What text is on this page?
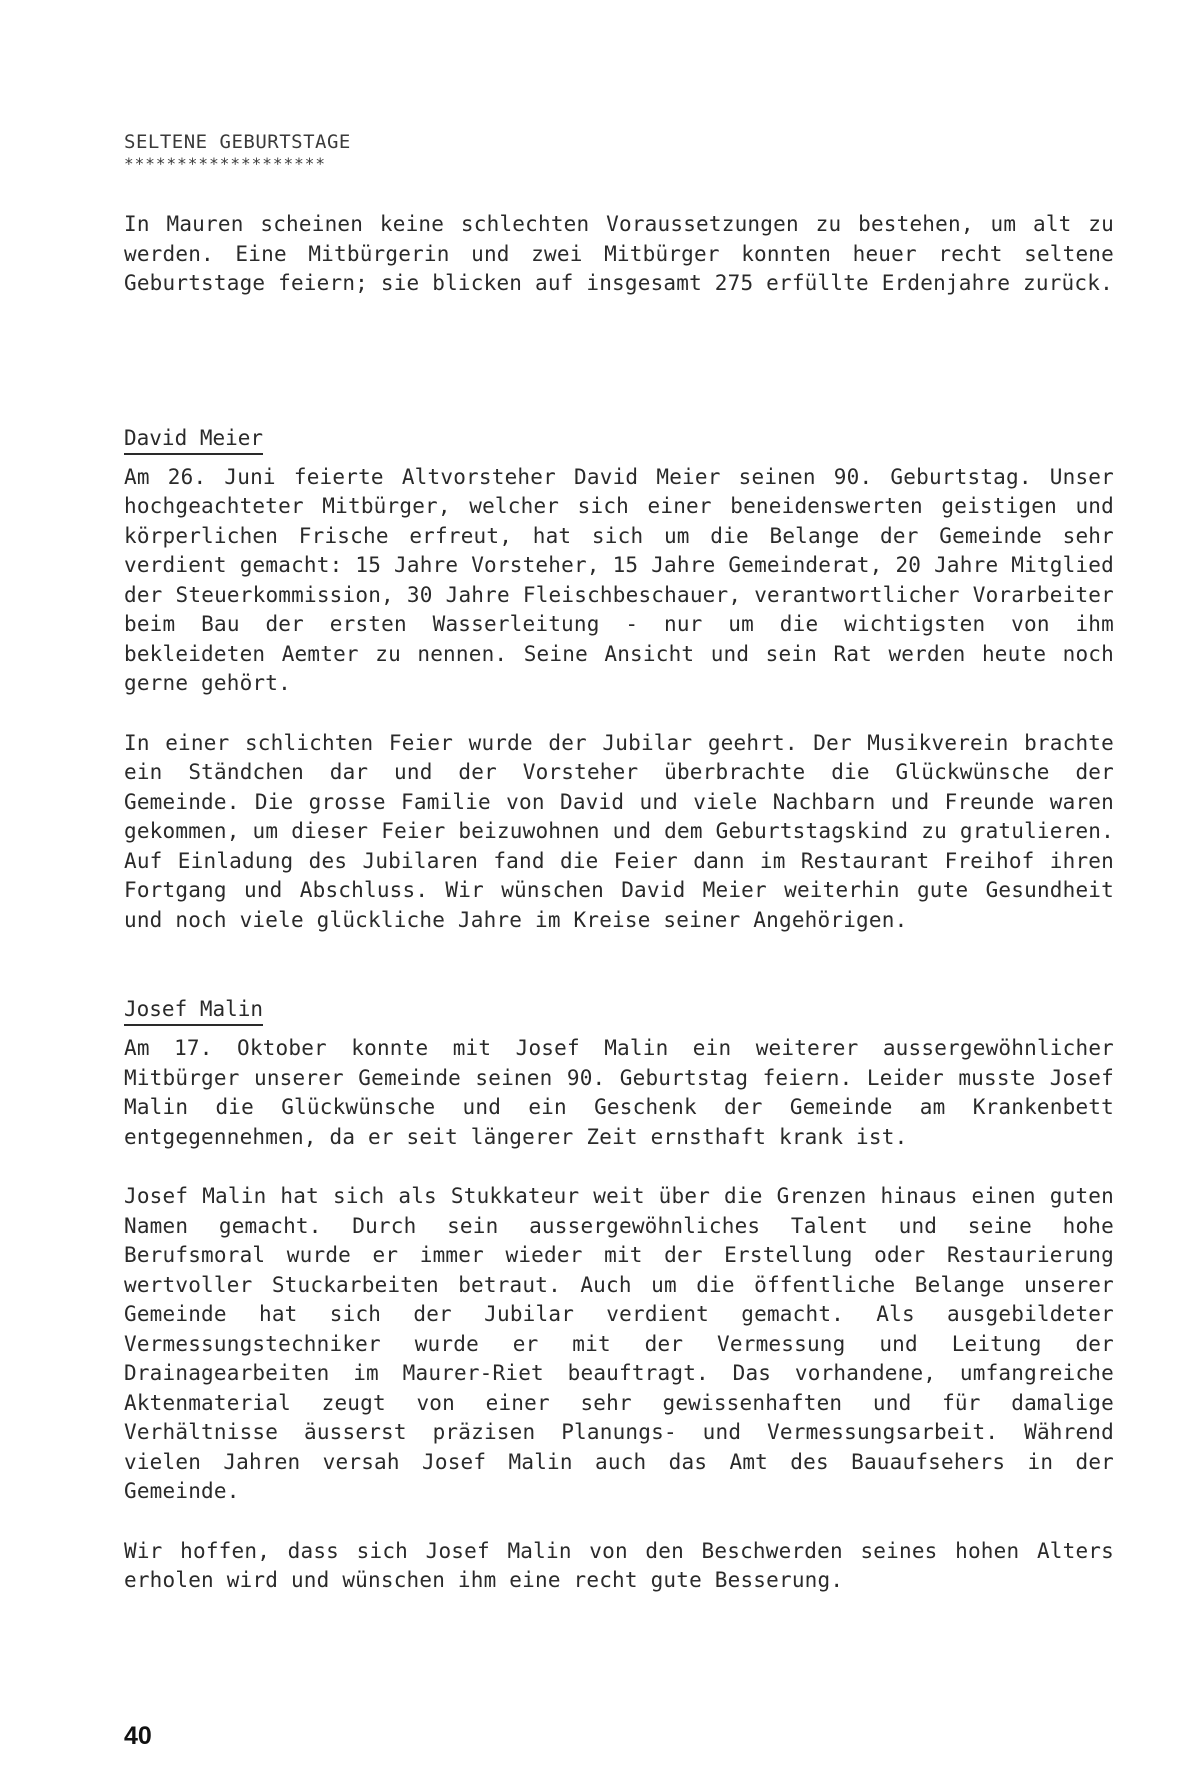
SELTENE GEBURTSTAGE
*******************

In Mauren scheinen keine schlechten Voraussetzungen zu bestehen, um alt zu werden. Eine Mitbürgerin und zwei Mitbürger konnten heuer recht seltene Geburtstage feiern; sie blicken auf insgesamt 275 erfüllte Erdenjahre zurück.

David Meier

Am 26. Juni feierte Altvorsteher David Meier seinen 90. Geburtstag. Unser hochgeachteter Mitbürger, welcher sich einer beneidenswerten geistigen und körperlichen Frische erfreut, hat sich um die Belange der Gemeinde sehr verdient gemacht: 15 Jahre Vorsteher, 15 Jahre Gemeinderat, 20 Jahre Mitglied der Steuerkommission, 30 Jahre Fleischbeschauer, verantwortlicher Vorarbeiter beim Bau der ersten Wasserleitung - nur um die wichtigsten von ihm bekleideten Aemter zu nennen. Seine Ansicht und sein Rat werden heute noch gerne gehört.

In einer schlichten Feier wurde der Jubilar geehrt. Der Musikverein brachte ein Ständchen dar und der Vorsteher überbrachte die Glückwünsche der Gemeinde. Die grosse Familie von David und viele Nachbarn und Freunde waren gekommen, um dieser Feier beizuwohnen und dem Geburtstagskind zu gratulieren. Auf Einladung des Jubilaren fand die Feier dann im Restaurant Freihof ihren Fortgang und Abschluss. Wir wünschen David Meier weiterhin gute Gesundheit und noch viele glückliche Jahre im Kreise seiner Angehörigen.

Josef Malin

Am 17. Oktober konnte mit Josef Malin ein weiterer aussergewöhnlicher Mitbürger unserer Gemeinde seinen 90. Geburtstag feiern. Leider musste Josef Malin die Glückwünsche und ein Geschenk der Gemeinde am Krankenbett entgegennehmen, da er seit längerer Zeit ernsthaft krank ist.

Josef Malin hat sich als Stukkateur weit über die Grenzen hinaus einen guten Namen gemacht. Durch sein aussergewöhnliches Talent und seine hohe Berufsmoral wurde er immer wieder mit der Erstellung oder Restaurierung wertvoller Stuckarbeiten betraut. Auch um die öffentliche Belange unserer Gemeinde hat sich der Jubilar verdient gemacht. Als ausgebildeter Vermessungstechniker wurde er mit der Vermessung und Leitung der Drainagearbeiten im Maurer-Riet beauftragt. Das vorhandene, umfangreiche Aktenmaterial zeugt von einer sehr gewissenhaften und für damalige Verhältnisse äusserst präzisen Planungs- und Vermessungsarbeit. Während vielen Jahren versah Josef Malin auch das Amt des Bauaufsehers in der Gemeinde.

Wir hoffen, dass sich Josef Malin von den Beschwerden seines hohen Alters erholen wird und wünschen ihm eine recht gute Besserung.

40
